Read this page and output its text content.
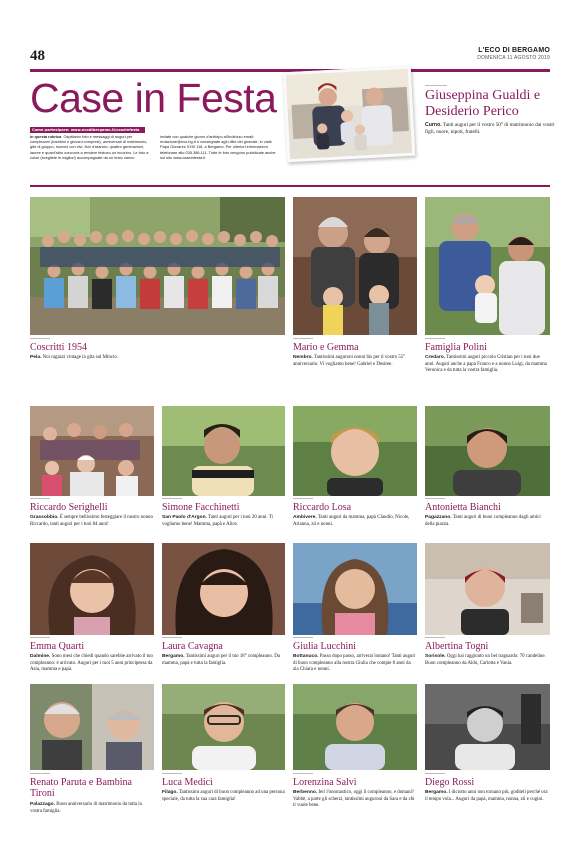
48	L'ECO DI BERGAMO
DOMENICA 11 AGOSTO 2019
Case in Festa
Come partecipare: www.ecodibergamo.it/caseinfesta
In questa rubrica. Ospitiamo foto e messaggi di auguri per compleanni (bambini e giovani compresi), anniversari di matrimonio, gite di gruppo, riunioni con vivi, fiori d'arancio, quattro generazioni, lauree e quant'altro concorra a rendere festoso un incontro. Le foto a colori (scegliete le migliori) accompagnate da un testo vanno
inviate con qualche giorno d'anticipo all'indirizzo email: redazione@eco.bg.it o consegnate agli uffici del giornale, in viale Papa Giovanni XXIII 118, a Bergamo. Per ulteriori informazioni telefonare allo 035.386.111. Tutte le foto vengono pubblicate anche sul sito www.caseinfesta.it
Giuseppina Gualdi e Desiderio Perico
Curno. Tanti auguri per il vostro 50° di matrimonio dai vostri figli, nuore, nipoti, fratelli.
Coscritti 1954
Pela. Noi ragazzi vintage in gita sul Mincio.
Mario e Gemma
Nembro. Tantissimi auguroni nonni bis per il vostro 55° anniversario. Vi vogliamo bene! Gabriel e Desiree.
Famiglia Polini
Credaro. Tantissimi auguri piccolo Cristian per i tuoi due anni. Auguri anche a papà Franco e a nonno Luigi, da mamma Veronica e da tutta la vostra famiglia.
Riccardo Serighelli
Grassobbio. È sempre bellissimo festeggiare il nostro nonno Riccardo, tanti auguri per i tuoi 84 anni!
Simone Facchinetti
San Paolo d'Argon. Tanti auguri per i tuoi 20 anni. Ti vogliamo bene! Mamma, papà e Alice.
Riccardo Losa
Ambivere. Tanti auguri da mamma, papà Claudio, Nicole, Arianna, zii e nonni.
Antonietta Bianchi
Pagazzano. Tanti auguri di buon compleanno dagli amici della piazza.
Emma Quarti
Dalmine. Sono mesi che chiedi quando sarebbe arrivato il tuo compleanno: è arrivato. Auguri per i tuoi 5 anni principessa da Asia, mamma e papà.
Laura Cavagna
Bergamo. Tantissimi auguri per il tuo 18° compleanno. Da mamma, papà e tutta la famiglia.
Giulia Lucchini
Bottanuco. Passo dopo passo, arriverai lontano! Tanti auguri di buon compleanno alla nostra Giulia che compie 8 anni da zia Chiara e nonni.
Albertina Togni
Sorisole. Oggi hai raggiunto un bel traguardo: 70 candeline. Buon compleanno da Aldo, Carlotta e Vania.
Renato Paruta e Bambina Tironi
Palazzago. Buon anniversario di matrimonio da tutta la vostra famiglia.
Luca Medici
Filago. Tantissimi auguri di buon compleanno ad una persona speciale, da tutta la sua cara famiglia!
Lorenzina Salvi
Berbenno. Ieri l'onomastico, oggi il compleanno, e domani? Vabbè, a parte gli scherzi, tantissimi auguroni da Sara e da chi ti vuole bene.
Diego Rossi
Bergamo. I diciotto anni non tornano più, goditeli perché ora il tempo vola... Auguri da papà, mamma, nonna, zii e cugini.
